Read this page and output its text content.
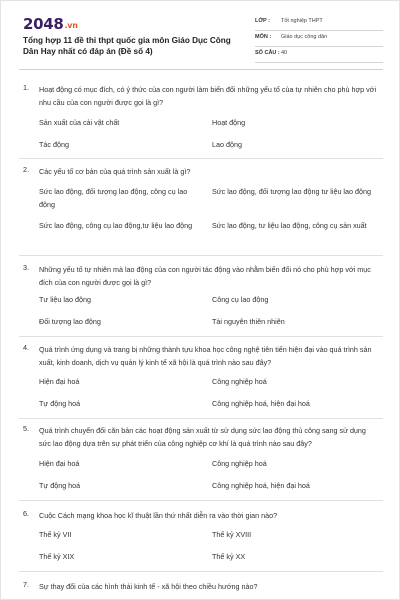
2048.vn
Tổng hợp 11 đề thi thpt quốc gia môn Giáo Dục Công Dân Hay nhất có đáp án (Đề số 4)
LỚP : Tốt nghiệp THPT
MÔN : Giáo dục công dân
SỐ CÂU : 40
1. Hoạt động có mục đích, có ý thức của con người làm biến đổi những yếu tố của tự nhiên cho phù hợp với nhu cầu của con người được gọi là gì?
Sản xuất của cải vật chất	Hoạt động
Tác động	Lao động
2. Các yếu tố cơ bản của quá trình sản xuất là gì?
Sức lao động, đối tượng lao động, công cụ lao động
Sức lao động, đối tượng lao động tư liệu lao động
Sức lao động, công cụ lao động,tư liệu lao động	Sức lao động, tư liệu lao động, công cụ sản xuất
3. Những yếu tố tự nhiên mà lao động của con người tác động vào nhằm biến đổi nó cho phù hợp với mục đích của con người được gọi là gì?
Tư liệu lao động	Công cụ lao động
Đối tượng lao động	Tài nguyên thiên nhiên
4. Quá trình ứng dụng và trang bị những thành tựu khoa học công nghệ tiên tiến hiện đại vào quá trình sản xuất, kinh doanh, dịch vụ quản lý kinh tế xã hội là quá trình nào sau đây?
Hiện đại hoá	Công nghiệp hoá
Tự động hoá	Công nghiệp hoá, hiện đại hoá
5. Quá trình chuyển đổi căn bản các hoạt động sản xuất từ sử dụng sức lao động thủ công sang sử dụng sức lao động dựa trên sự phát triển của công nghiệp cơ khí là quá trình nào sau đây?
Hiện đại hoá	Công nghiệp hoá
Tự động hoá	Công nghiệp hoá, hiện đại hoá
6. Cuộc Cách mạng khoa học kĩ thuật lần thứ nhất diễn ra vào thời gian nào?
Thế kỷ VII	Thế kỷ XVIII
Thế kỷ XIX	Thế kỷ XX
7. Sự thay đổi của các hình thái kinh tế - xã hội theo chiều hướng nào?
